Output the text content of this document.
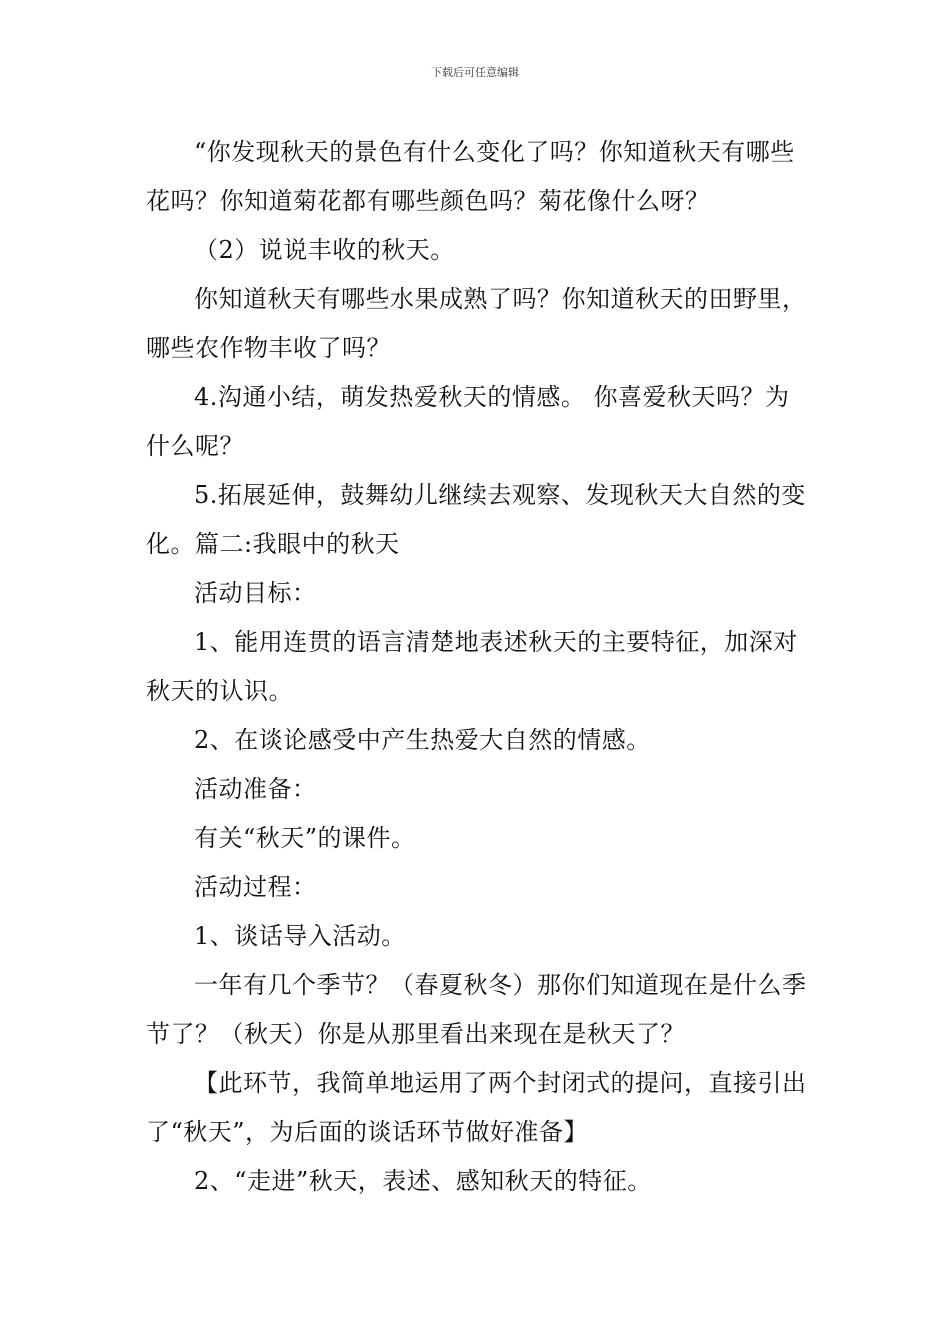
下载后可任意编辑

“你发现秋天的景色有什么变化了吗？你知道秋天有哪些花吗？你知道菊花都有哪些颜色吗？菊花像什么呀？

（2）说说丰收的秋天。

你知道秋天有哪些水果成熟了吗？你知道秋天的田野里，哪些农作物丰收了吗？

4.沟通小结，萌发热爱秋天的情感。 你喜爱秋天吗？为什么呢？

5.拓展延伸，鼓舞幼儿继续去观察、发现秋天大自然的变化。篇二:我眼中的秋天

活动目标：

1、能用连贯的语言清楚地表述秋天的主要特征，加深对秋天的认识。

2、在谈论感受中产生热爱大自然的情感。

活动准备：

有关“秋天”的课件。

活动过程：

1、谈话导入活动。

一年有几个季节？（春夏秋冬）那你们知道现在是什么季节了？（秋天）你是从那里看出来现在是秋天了？

【此环节，我简单地运用了两个封闭式的提问，直接引出了“秋天”，为后面的谈话环节做好准备】

2、“走进”秋天，表述、感知秋天的特征。
